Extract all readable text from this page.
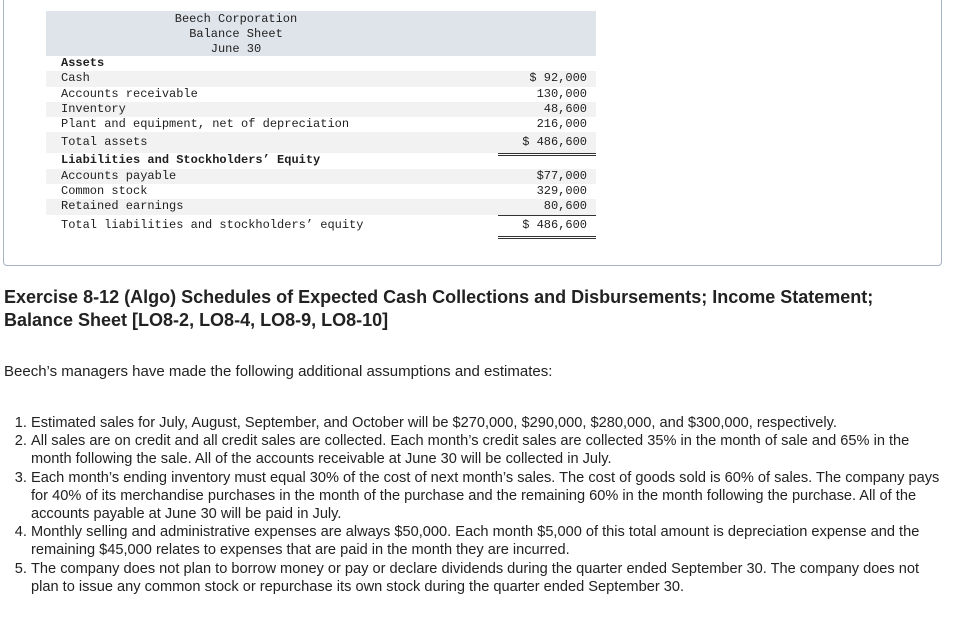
Beech Corporation
Balance Sheet
June 30
Assets
Cash	$ 92,000
Accounts receivable	130,000
Inventory	48,600
Plant and equipment, net of depreciation	216,000
Total assets	$ 486,600
Liabilities and Stockholders’ Equity
Accounts payable	$77,000
Common stock	329,000
Retained earnings	80,600
Total liabilities and stockholders’ equity	$ 486,600
Exercise 8-12 (Algo) Schedules of Expected Cash Collections and Disbursements; Income Statement; Balance Sheet [LO8-2, LO8-4, LO8-9, LO8-10]
Beech’s managers have made the following additional assumptions and estimates:
1. Estimated sales for July, August, September, and October will be $270,000, $290,000, $280,000, and $300,000, respectively.
2. All sales are on credit and all credit sales are collected. Each month’s credit sales are collected 35% in the month of sale and 65% in the month following the sale. All of the accounts receivable at June 30 will be collected in July.
3. Each month’s ending inventory must equal 30% of the cost of next month’s sales. The cost of goods sold is 60% of sales. The company pays for 40% of its merchandise purchases in the month of the purchase and the remaining 60% in the month following the purchase. All of the accounts payable at June 30 will be paid in July.
4. Monthly selling and administrative expenses are always $50,000. Each month $5,000 of this total amount is depreciation expense and the remaining $45,000 relates to expenses that are paid in the month they are incurred.
5. The company does not plan to borrow money or pay or declare dividends during the quarter ended September 30. The company does not plan to issue any common stock or repurchase its own stock during the quarter ended September 30.
